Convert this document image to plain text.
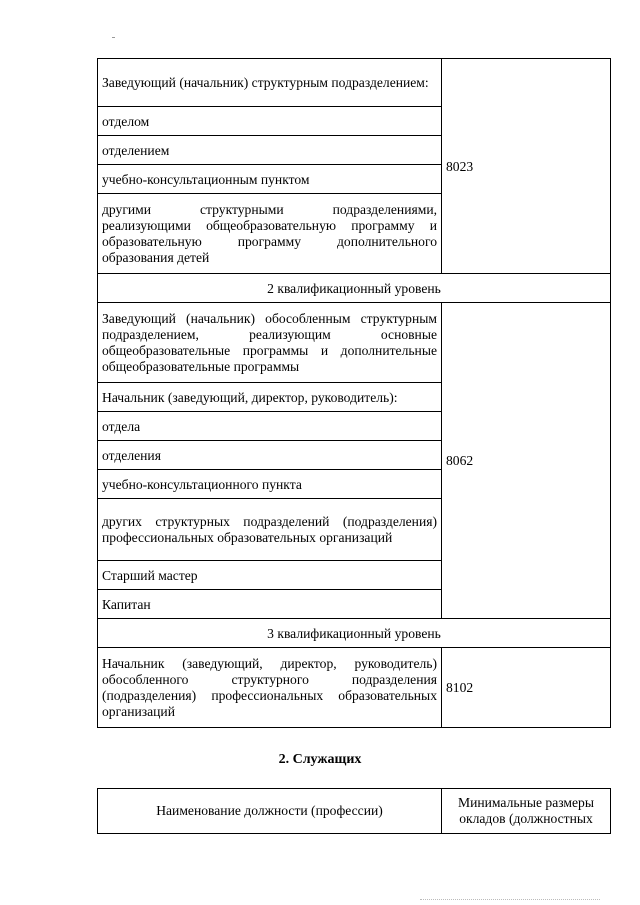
Заведующий (начальник) структурным подразделением:	8023
отделом	
отделением	
учебно-консультационным пунктом	
другими структурными подразделениями, реализующими общеобразовательную программу и образовательную программу дополнительного образования детей	
2 квалификационный уровень	
Заведующий (начальник) обособленным структурным подразделением, реализующим основные общеобразовательные программы и дополнительные общеобразовательные программы	8062
Начальник (заведующий, директор, руководитель):	
отдела	
отделения	
учебно-консультационного пункта	
других структурных подразделений (подразделения) профессиональных образовательных организаций	
Старший мастер	
Капитан	
3 квалификационный уровень	
Начальник (заведующий, директор, руководитель) обособленного структурного подразделения (подразделения) профессиональных образовательных организаций	8102
2. Служащих
Наименование должности (профессии)	Минимальные размеры окладов (должностных
